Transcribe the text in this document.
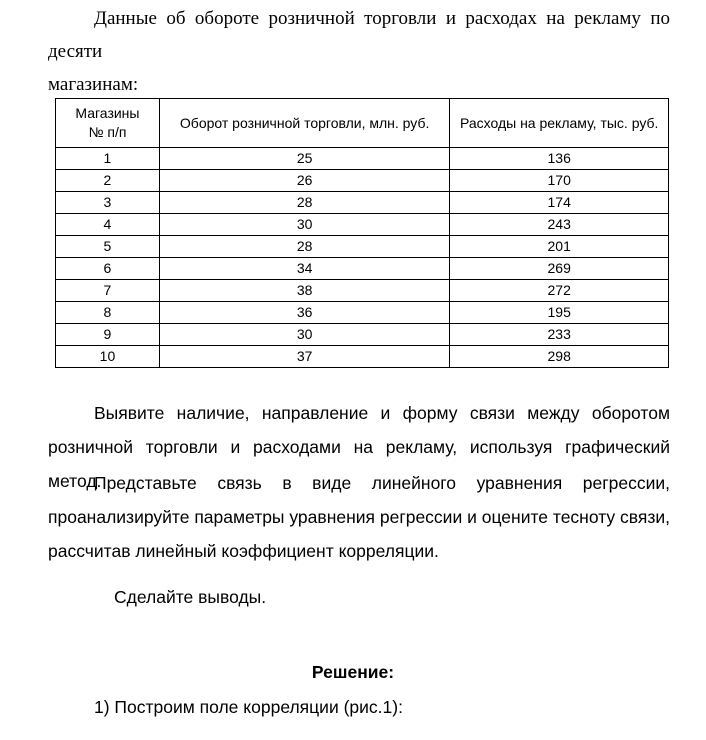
Данные об обороте розничной торговли и расходах на рекламу по десяти
магазинам:
Магазины
№ п/п	Оборот розничной торговли, млн. руб.	Расходы на рекламу, тыс. руб.
1	25	136
2	26	170
3	28	174
4	30	243
5	28	201
6	34	269
7	38	272
8	36	195
9	30	233
10	37	298
Выявите наличие, направление и форму связи между оборотом
розничной торговли и расходами на рекламу, используя графический метод.
Представьте связь в виде линейного уравнения регрессии,
проанализируйте параметры уравнения регрессии и оцените тесноту связи,
рассчитав линейный коэффициент корреляции.
Сделайте выводы.
Решение:
1) Построим поле корреляции (рис.1):
